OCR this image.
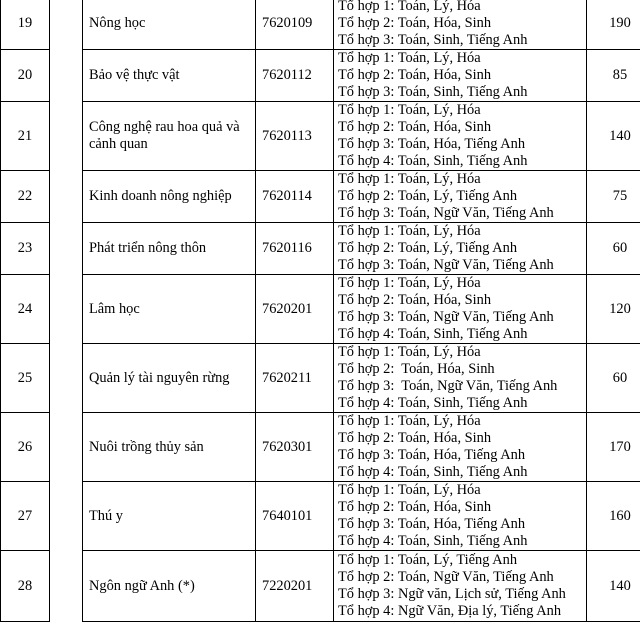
19		Nông học	7620109	Tổ hợp 1: Toán, Lý, Hóa
Tổ hợp 2: Toán, Hóa, Sinh
Tổ hợp 3: Toán, Sinh, Tiếng Anh	190
20		Bảo vệ thực vật	7620112	Tổ hợp 1: Toán, Lý, Hóa
Tổ hợp 2: Toán, Hóa, Sinh
Tổ hợp 3: Toán, Sinh, Tiếng Anh	85
21		Công nghệ rau hoa quả và cảnh quan	7620113	Tổ hợp 1: Toán, Lý, Hóa
Tổ hợp 2: Toán, Hóa, Sinh
Tổ hợp 3: Toán, Hóa, Tiếng Anh
Tổ hợp 4: Toán, Sinh, Tiếng Anh	140
22		Kinh doanh nông nghiệp	7620114	Tổ hợp 1: Toán, Lý, Hóa
Tổ hợp 2: Toán, Lý, Tiếng Anh
Tổ hợp 3: Toán, Ngữ Văn, Tiếng Anh	75
23		Phát triển nông thôn	7620116	Tổ hợp 1: Toán, Lý, Hóa
Tổ hợp 2: Toán, Lý, Tiếng Anh
Tổ hợp 3: Toán, Ngữ Văn, Tiếng Anh	60
24		Lâm học	7620201	Tổ hợp 1: Toán, Lý, Hóa
Tổ hợp 2: Toán, Hóa, Sinh
Tổ hợp 3: Toán, Ngữ Văn, Tiếng Anh
Tổ hợp 4: Toán, Sinh, Tiếng Anh	120
25		Quản lý tài nguyên rừng	7620211	Tổ hợp 1: Toán, Lý, Hóa
Tổ hợp 2:  Toán, Hóa, Sinh
Tổ hợp 3:  Toán, Ngữ Văn, Tiếng Anh
Tổ hợp 4: Toán, Sinh, Tiếng Anh	60
26		Nuôi trồng thủy sản	7620301	Tổ hợp 1: Toán, Lý, Hóa
Tổ hợp 2: Toán, Hóa, Sinh
Tổ hợp 3: Toán, Hóa, Tiếng Anh
Tổ hợp 4: Toán, Sinh, Tiếng Anh	170
27		Thú y	7640101	Tổ hợp 1: Toán, Lý, Hóa
Tổ hợp 2: Toán, Hóa, Sinh
Tổ hợp 3: Toán, Hóa, Tiếng Anh
Tổ hợp 4: Toán, Sinh, Tiếng Anh	160
28		Ngôn ngữ Anh (*)	7220201	Tổ hợp 1: Toán, Lý, Tiếng Anh
Tổ hợp 2: Toán, Ngữ Văn, Tiếng Anh
Tổ hợp 3: Ngữ văn, Lịch sử, Tiếng Anh
Tổ hợp 4: Ngữ Văn, Địa lý, Tiếng Anh	140
